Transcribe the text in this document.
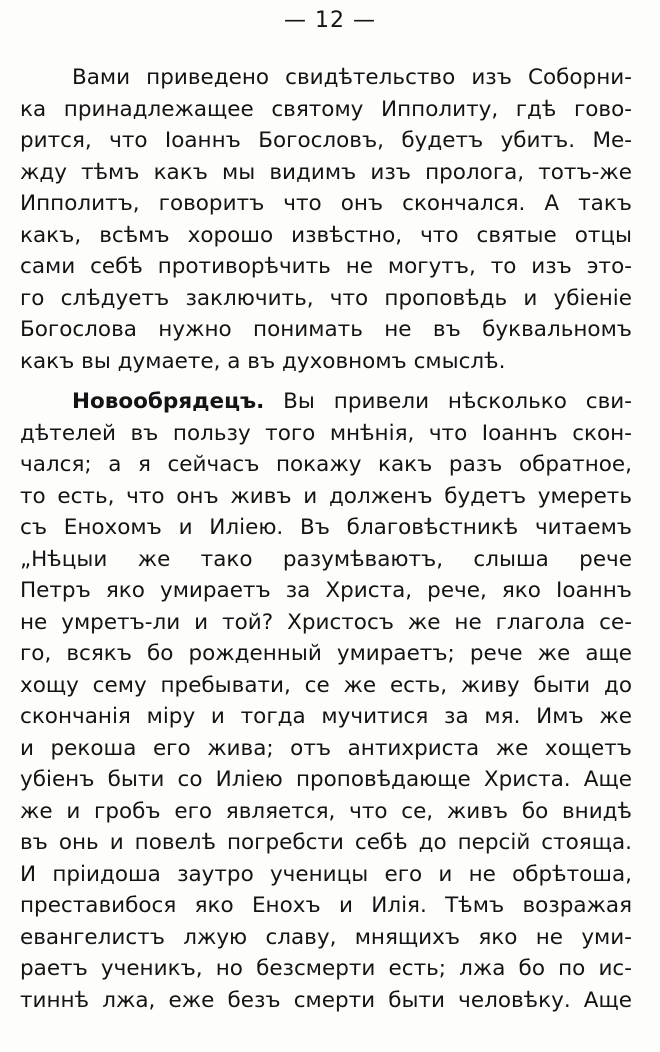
— 12 —
Вами приведено свидѣтельство изъ Соборни-
ка принадлежащее святому Ипполиту, гдѣ гово-
рится, что Іоаннъ Богословъ, будетъ убитъ. Ме-
жду тѣмъ какъ мы видимъ изъ пролога, тотъ-же
Ипполитъ, говоритъ что онъ скончался. А такъ
какъ, всѣмъ хорошо извѣстно, что святые отцы
сами себѣ противорѣчить не могутъ, то изъ это-
го слѣдуетъ заключить, что проповѣдь и убіеніе
Богослова нужно понимать не въ буквальномъ
какъ вы думаете, а въ духовномъ смыслѣ.
Новообрядецъ. Вы привели нѣсколько сви-
дѣтелей въ пользу того мнѣнія, что Іоаннъ скон-
чался; а я сейчасъ покажу какъ разъ обратное,
то есть, что онъ живъ и долженъ будетъ умереть
съ Енохомъ и Иліею. Въ благовѣстникѣ читаемъ
„Нѣцыи же тако разумѣваютъ, слыша рече
Петръ яко умираетъ за Христа, рече, яко Іоаннъ
не умретъ-ли и той? Христосъ же не глагола се-
го, всякъ бо рожденный умираетъ; рече же аще
хощу сему пребывати, се же есть, живу быти до
скончанія міру и тогда мучитися за мя. Имъ же
и рекоша его жива; отъ антихриста же хощетъ
убіенъ быти со Иліею проповѣдающе Христа. Аще
же и гробъ его является, что се, живъ бо внидѣ
въ онь и повелѣ погребсти себѣ до персій стояща.
И пріидоша заутро ученицы его и не обрѣтоша,
преставибося яко Енохъ и Илія. Тѣмъ возражая
евангелистъ лжую славу, мнящихъ яко не уми-
раетъ ученикъ, но безсмерти есть; лжа бо по ис-
тиннѣ лжа, еже безъ смерти быти человѣку. Аще
